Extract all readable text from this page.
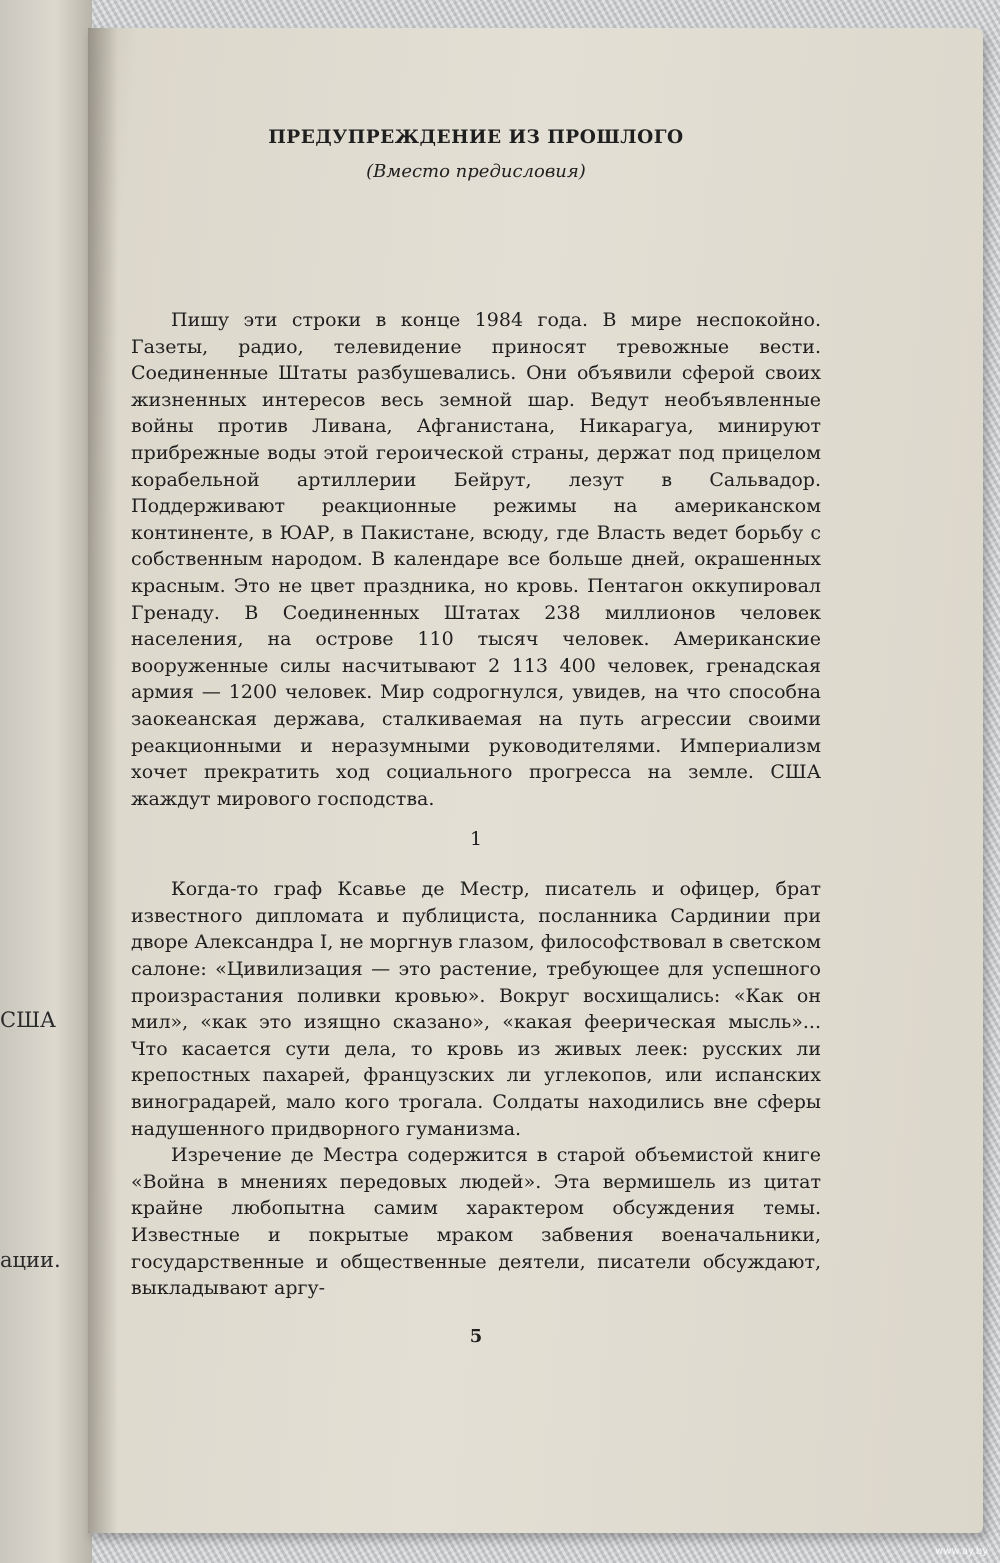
США
ации.
ПРЕДУПРЕЖДЕНИЕ ИЗ ПРОШЛОГО

(Вместо предисловия)

Пишу эти строки в конце 1984 года. В мире неспокойно. Газеты, радио, телевидение приносят тревожные вести. Соединенные Штаты разбушевались. Они объявили сферой своих жизненных интересов весь земной шар. Ведут необъявленные войны против Ливана, Афганистана, Никарагуа, минируют прибрежные воды этой героической страны, держат под прицелом корабельной артиллерии Бейрут, лезут в Сальвадор. Поддерживают реакционные режимы на американском континенте, в ЮАР, в Пакистане, всюду, где Власть ведет борьбу с собственным народом. В календаре все больше дней, окрашенных красным. Это не цвет праздника, но кровь. Пентагон оккупировал Гренаду. В Соединенных Штатах 238 миллионов человек населения, на острове 110 тысяч человек. Американские вооруженные силы насчитывают 2 113 400 человек, гренадская армия — 1200 человек. Мир содрогнулся, увидев, на что способна заокеанская держава, сталкиваемая на путь агрессии своими реакционными и неразумными руководителями. Империализм хочет прекратить ход социального прогресса на земле. США жаждут мирового господства.

1

Когда-то граф Ксавье де Местр, писатель и офицер, брат известного дипломата и публициста, посланника Сардинии при дворе Александра I, не моргнув глазом, философствовал в светском салоне: «Цивилизация — это растение, требующее для успешного произрастания поливки кровью». Вокруг восхищались: «Как он мил», «как это изящно сказано», «какая феерическая мысль»... Что касается сути дела, то кровь из живых леек: русских ли крепостных пахарей, французских ли углекопов, или испанских виноградарей, мало кого трогала. Солдаты находились вне сферы надушенного придворного гуманизма.

Изречение де Местра содержится в старой объемистой книге «Война в мнениях передовых людей». Эта вермишель из цитат крайне любопытна самим характером обсуждения темы. Известные и покрытые мраком забвения военачальники, государственные и общественные деятели, писатели обсуждают, выкладывают аргу-

5
www.ay.by
